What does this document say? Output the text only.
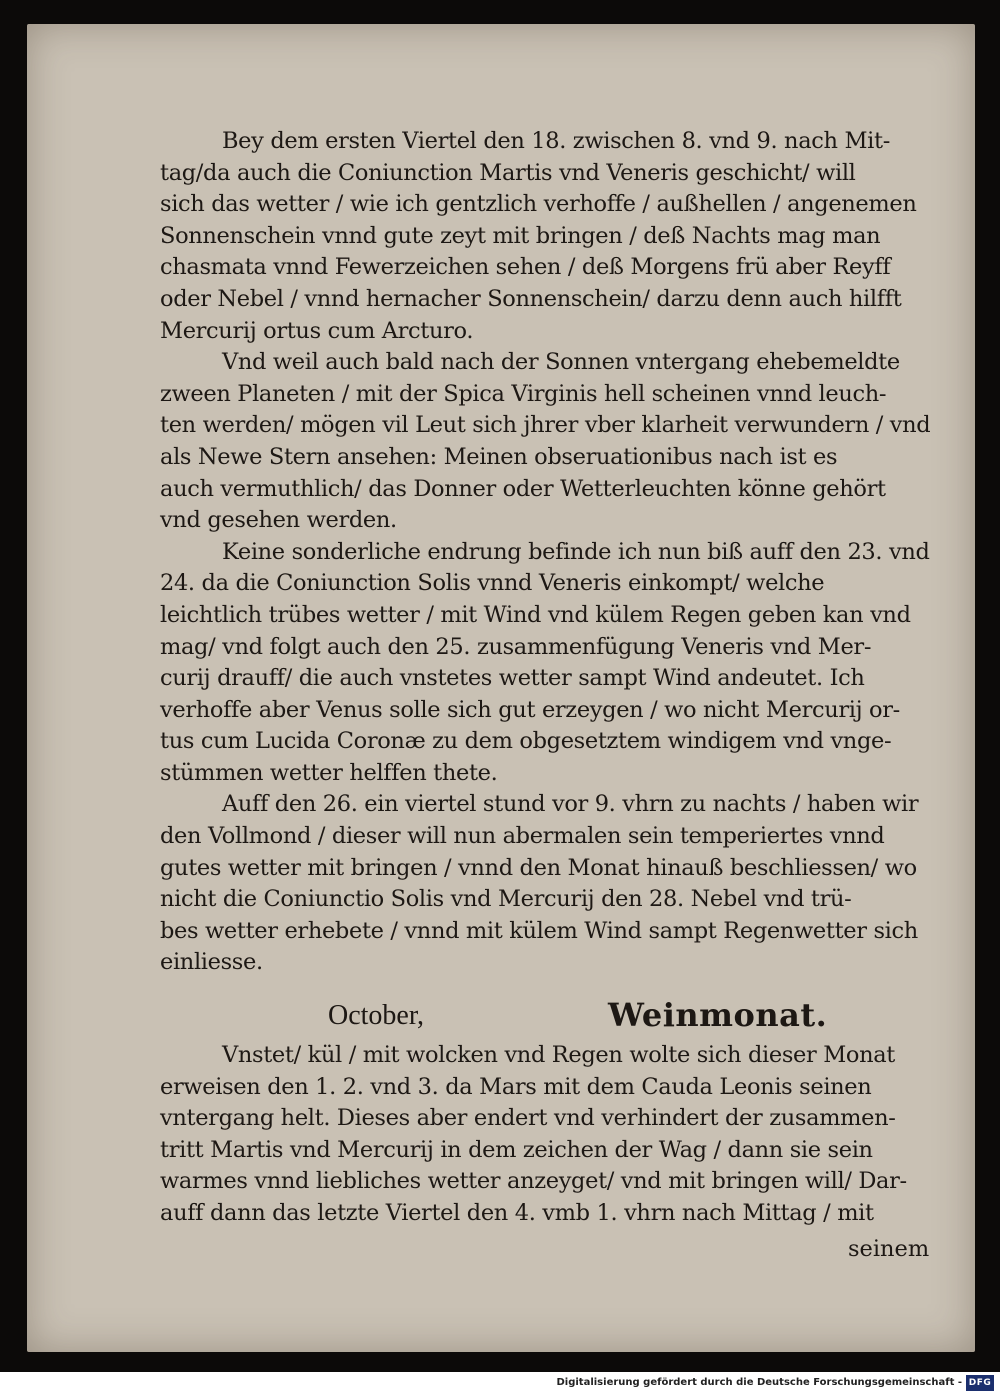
Bey dem ersten Viertel den 18. zwischen 8. vnd 9. nach Mit-
tag/da auch die Coniunction Martis vnd Veneris geschicht/ will
sich das wetter / wie ich gentzlich verhoffe / außhellen / angenemen
Sonnenschein vnnd gute zeyt mit bringen / deß Nachts mag man
chasmata vnnd Fewerzeichen sehen / deß Morgens frü aber Reyff
oder Nebel / vnnd hernacher Sonnenschein/ darzu denn auch hilfft
Mercurij ortus cum Arcturo.
Vnd weil auch bald nach der Sonnen vntergang ehebemeldte
zween Planeten / mit der Spica Virginis hell scheinen vnnd leuch-
ten werden/ mögen vil Leut sich jhrer vber klarheit verwundern / vnd
als Newe Stern ansehen: Meinen obseruationibus nach ist es
auch vermuthlich/ das Donner oder Wetterleuchten könne gehört
vnd gesehen werden.
Keine sonderliche endrung befinde ich nun biß auff den 23. vnd
24. da die Coniunction Solis vnnd Veneris einkompt/ welche
leichtlich trübes wetter / mit Wind vnd külem Regen geben kan vnd
mag/ vnd folgt auch den 25. zusammenfügung Veneris vnd Mer-
curij drauff/ die auch vnstetes wetter sampt Wind andeutet. Ich
verhoffe aber Venus solle sich gut erzeygen / wo nicht Mercurij or-
tus cum Lucida Coronæ zu dem obgesetztem windigem vnd vnge-
stümmen wetter helffen thete.
Auff den 26. ein viertel stund vor 9. vhrn zu nachts / haben wir
den Vollmond / dieser will nun abermalen sein temperiertes vnnd
gutes wetter mit bringen / vnnd den Monat hinauß beschliessen/ wo
nicht die Coniunctio Solis vnd Mercurij den 28. Nebel vnd trü-
bes wetter erhebete / vnnd mit külem Wind sampt Regenwetter sich
einliesse.
October,	Weinmonat.
Vnstet/ kül / mit wolcken vnd Regen wolte sich dieser Monat
erweisen den 1. 2. vnd 3. da Mars mit dem Cauda Leonis seinen
vntergang helt. Dieses aber endert vnd verhindert der zusammen-
tritt Martis vnd Mercurij in dem zeichen der Wag / dann sie sein
warmes vnnd liebliches wetter anzeyget/ vnd mit bringen will/ Dar-
auff dann das letzte Viertel den 4. vmb 1. vhrn nach Mittag / mit
seinem
Digitalisierung gefördert durch die Deutsche Forschungsgemeinschaft - DFG
